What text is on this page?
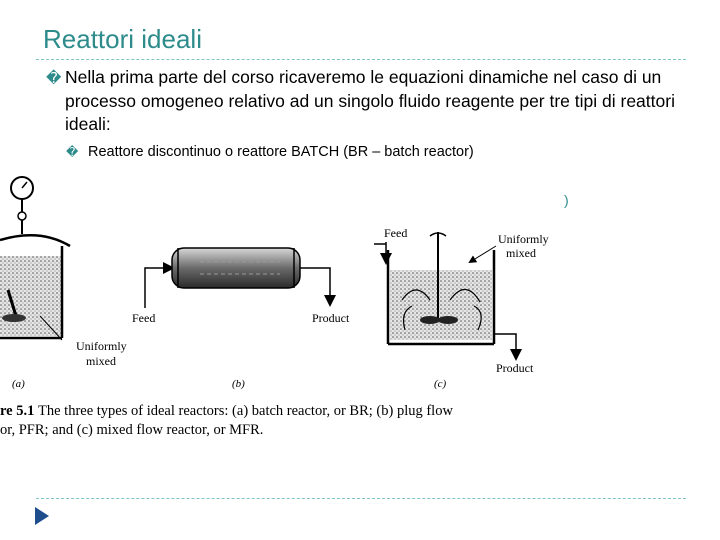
Reattori ideali
� Nella prima parte del corso ricaveremo le equazioni dinamiche nel caso di un processo omogeneo relativo ad un singolo fluido reagente per tre tipi di reattori ideali:
� Reattore discontinuo o reattore BATCH (BR – batch reactor)
)
Uniformly
mixed
(a)
Feed	Product
(b)
Feed	Uniformly
mixed
Product
(c)
re 5.1 The three types of ideal reactors: (a) batch reactor, or BR; (b) plug flow
or, PFR; and (c) mixed flow reactor, or MFR.
